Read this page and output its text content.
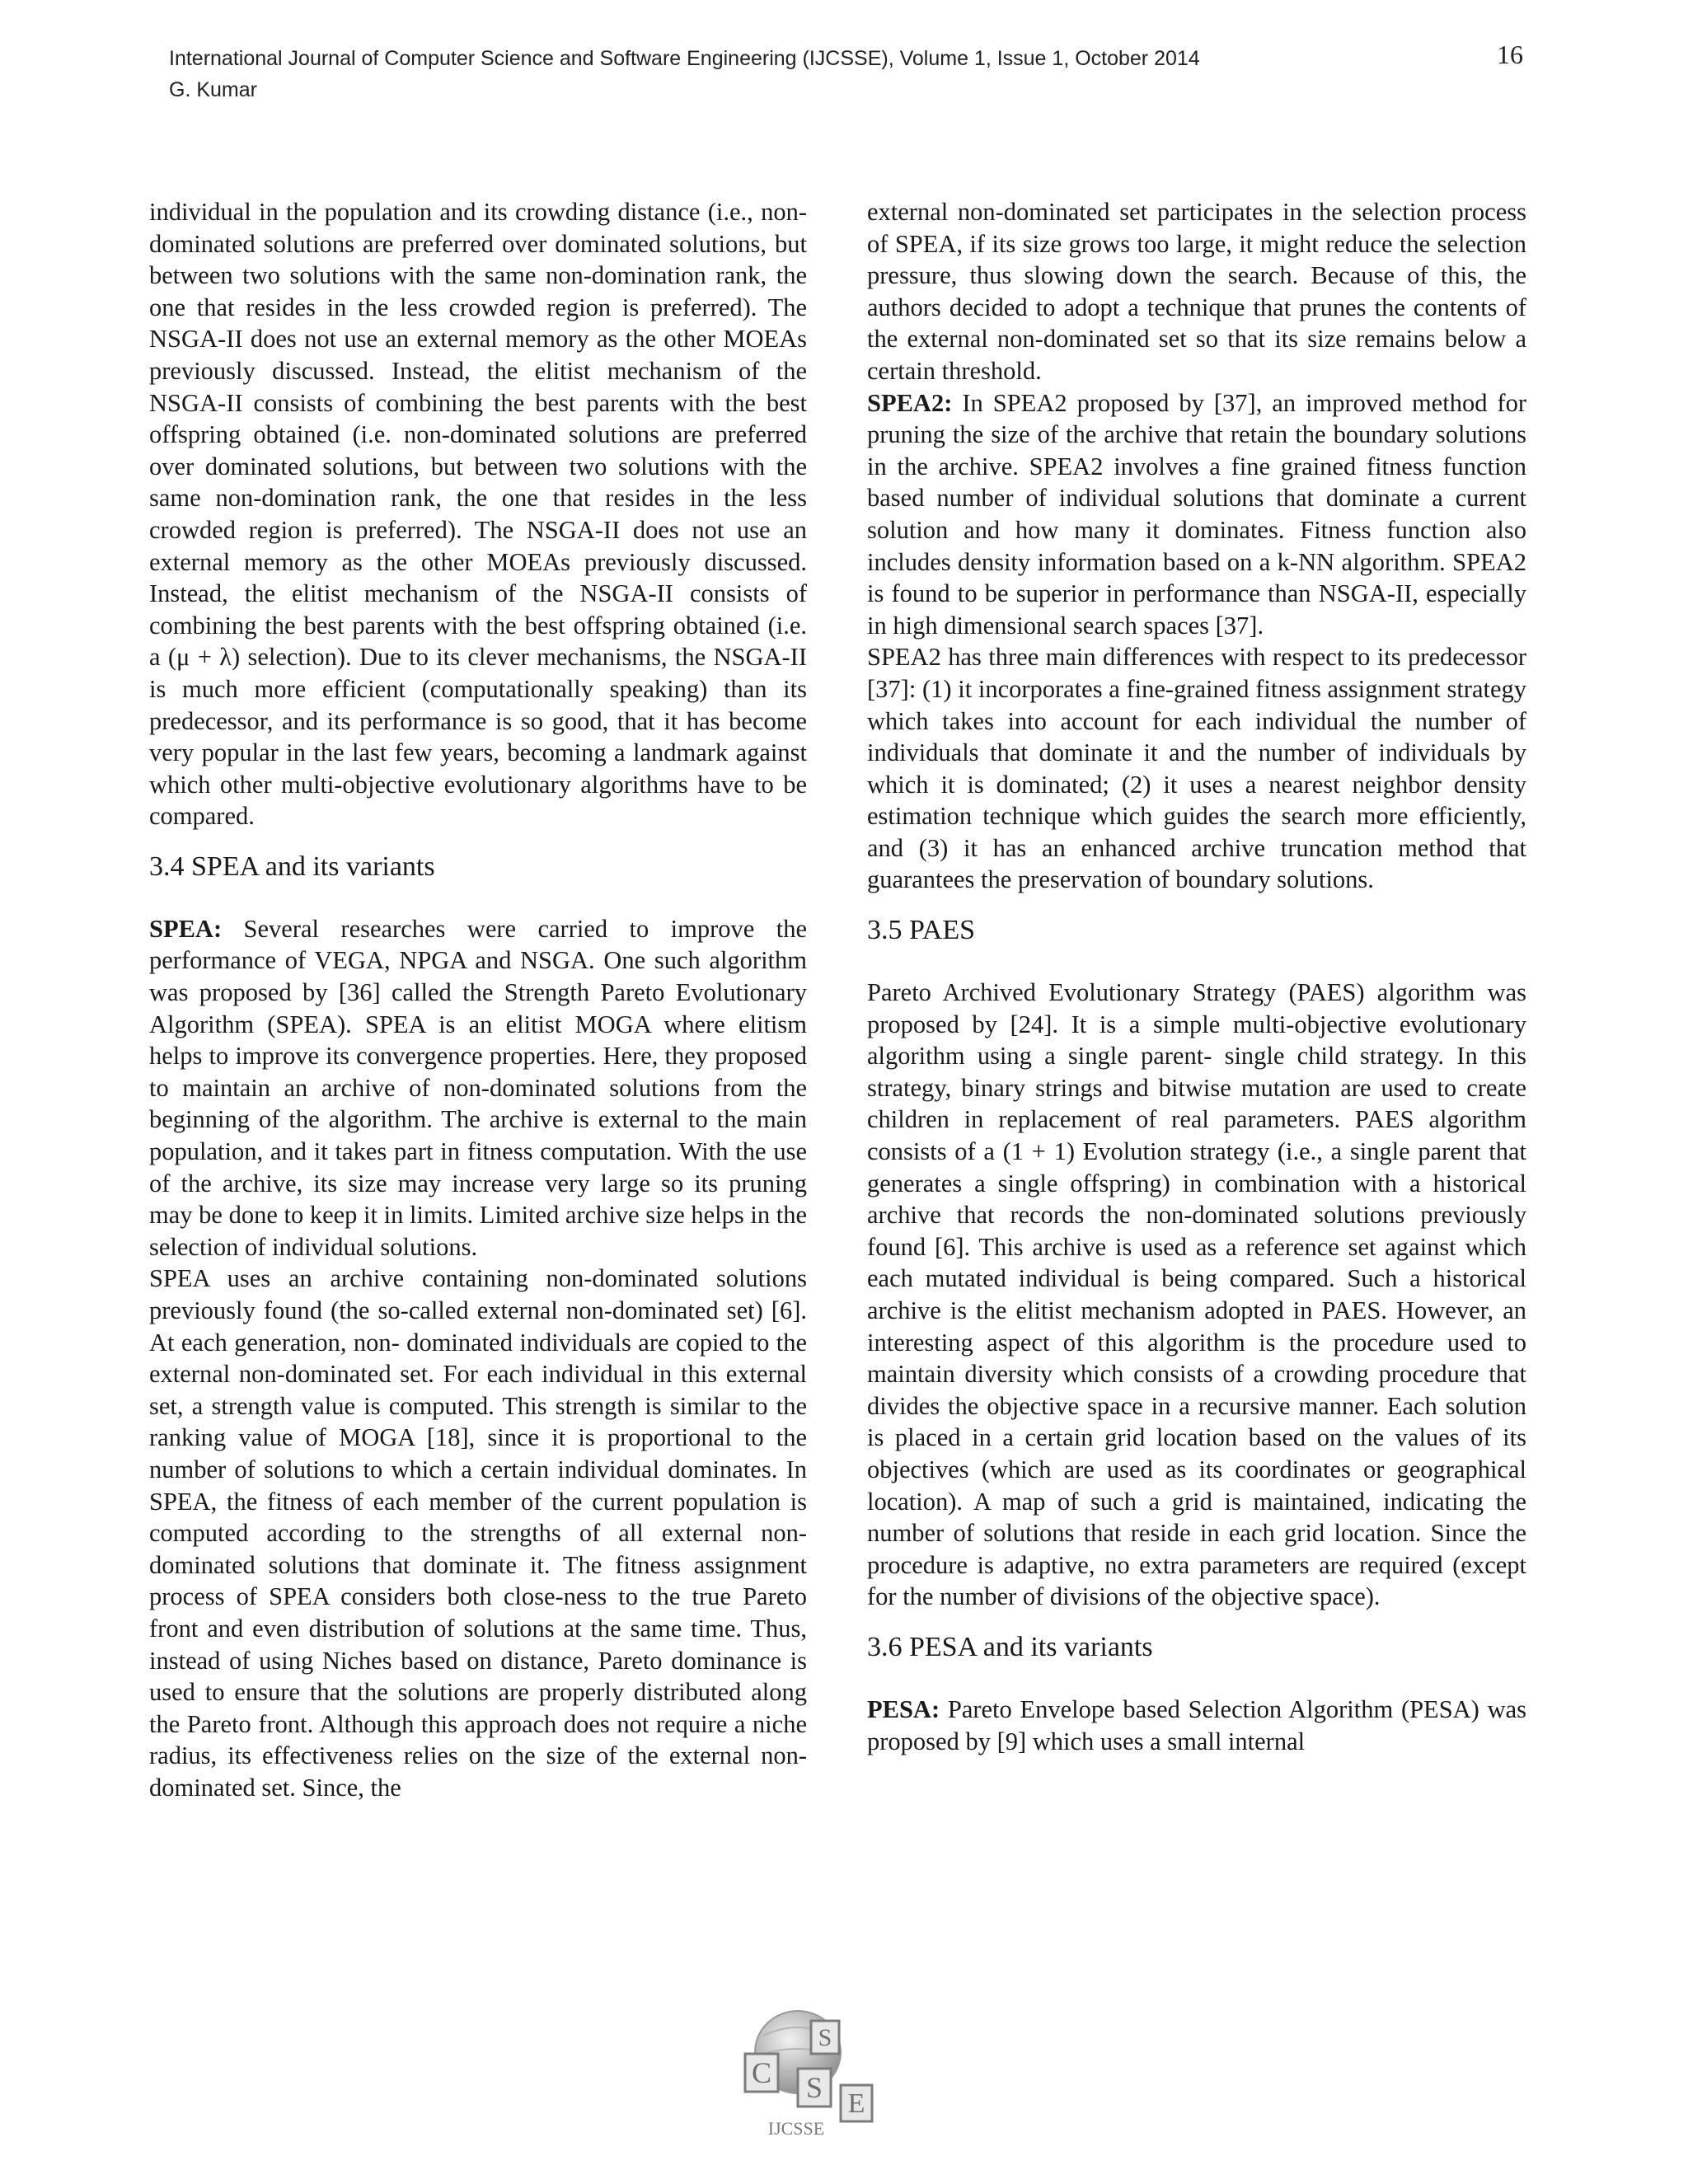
International Journal of Computer Science and Software Engineering (IJCSSE), Volume 1, Issue 1, October 2014
G. Kumar
16

individual in the population and its crowding distance (i.e., non-dominated solutions are preferred over dominated solutions, but between two solutions with the same non-domination rank, the one that resides in the less crowded region is preferred). The NSGA-II does not use an external memory as the other MOEAs previously discussed. Instead, the elitist mechanism of the NSGA-II consists of combining the best parents with the best offspring obtained (i.e. non-dominated solutions are preferred over dominated solutions, but between two solutions with the same non-domination rank, the one that resides in the less crowded region is preferred). The NSGA-II does not use an external memory as the other MOEAs previously discussed. Instead, the elitist mechanism of the NSGA-II consists of combining the best parents with the best offspring obtained (i.e. a (μ + λ) selection). Due to its clever mechanisms, the NSGA-II is much more efficient (computationally speaking) than its predecessor, and its performance is so good, that it has become very popular in the last few years, becoming a landmark against which other multi-objective evolutionary algorithms have to be compared.

3.4 SPEA and its variants

SPEA: Several researches were carried to improve the performance of VEGA, NPGA and NSGA. One such algorithm was proposed by [36] called the Strength Pareto Evolutionary Algorithm (SPEA). SPEA is an elitist MOGA where elitism helps to improve its convergence properties. Here, they proposed to maintain an archive of non-dominated solutions from the beginning of the algorithm. The archive is external to the main population, and it takes part in fitness computation. With the use of the archive, its size may increase very large so its pruning may be done to keep it in limits. Limited archive size helps in the selection of individual solutions.

SPEA uses an archive containing non-dominated solutions previously found (the so-called external non-dominated set) [6]. At each generation, non- dominated individuals are copied to the external non-dominated set. For each individual in this external set, a strength value is computed. This strength is similar to the ranking value of MOGA [18], since it is proportional to the number of solutions to which a certain individual dominates. In SPEA, the fitness of each member of the current population is computed according to the strengths of all external non- dominated solutions that dominate it. The fitness assignment process of SPEA considers both close-ness to the true Pareto front and even distribution of solutions at the same time. Thus, instead of using Niches based on distance, Pareto dominance is used to ensure that the solutions are properly distributed along the Pareto front. Although this approach does not require a niche radius, its effectiveness relies on the size of the external non-dominated set. Since, the

external non-dominated set participates in the selection process of SPEA, if its size grows too large, it might reduce the selection pressure, thus slowing down the search. Because of this, the authors decided to adopt a technique that prunes the contents of the external non-dominated set so that its size remains below a certain threshold.

SPEA2: In SPEA2 proposed by [37], an improved method for pruning the size of the archive that retain the boundary solutions in the archive. SPEA2 involves a fine grained fitness function based number of individual solutions that dominate a current solution and how many it dominates. Fitness function also includes density information based on a k-NN algorithm. SPEA2 is found to be superior in performance than NSGA-II, especially in high dimensional search spaces [37].

SPEA2 has three main differences with respect to its predecessor [37]: (1) it incorporates a fine-grained fitness assignment strategy which takes into account for each individual the number of individuals that dominate it and the number of individuals by which it is dominated; (2) it uses a nearest neighbor density estimation technique which guides the search more efficiently, and (3) it has an enhanced archive truncation method that guarantees the preservation of boundary solutions.

3.5 PAES

Pareto Archived Evolutionary Strategy (PAES) algorithm was proposed by [24]. It is a simple multi-objective evolutionary algorithm using a single parent- single child strategy. In this strategy, binary strings and bitwise mutation are used to create children in replacement of real parameters. PAES algorithm consists of a (1 + 1) Evolution strategy (i.e., a single parent that generates a single offspring) in combination with a historical archive that records the non-dominated solutions previously found [6]. This archive is used as a reference set against which each mutated individual is being compared. Such a historical archive is the elitist mechanism adopted in PAES. However, an interesting aspect of this algorithm is the procedure used to maintain diversity which consists of a crowding procedure that divides the objective space in a recursive manner. Each solution is placed in a certain grid location based on the values of its objectives (which are used as its coordinates or geographical location). A map of such a grid is maintained, indicating the number of solutions that reside in each grid location. Since the procedure is adaptive, no extra parameters are required (except for the number of divisions of the objective space).

3.6 PESA and its variants

PESA: Pareto Envelope based Selection Algorithm (PESA) was proposed by [9] which uses a small internal

S
C S E
IJCSSE
